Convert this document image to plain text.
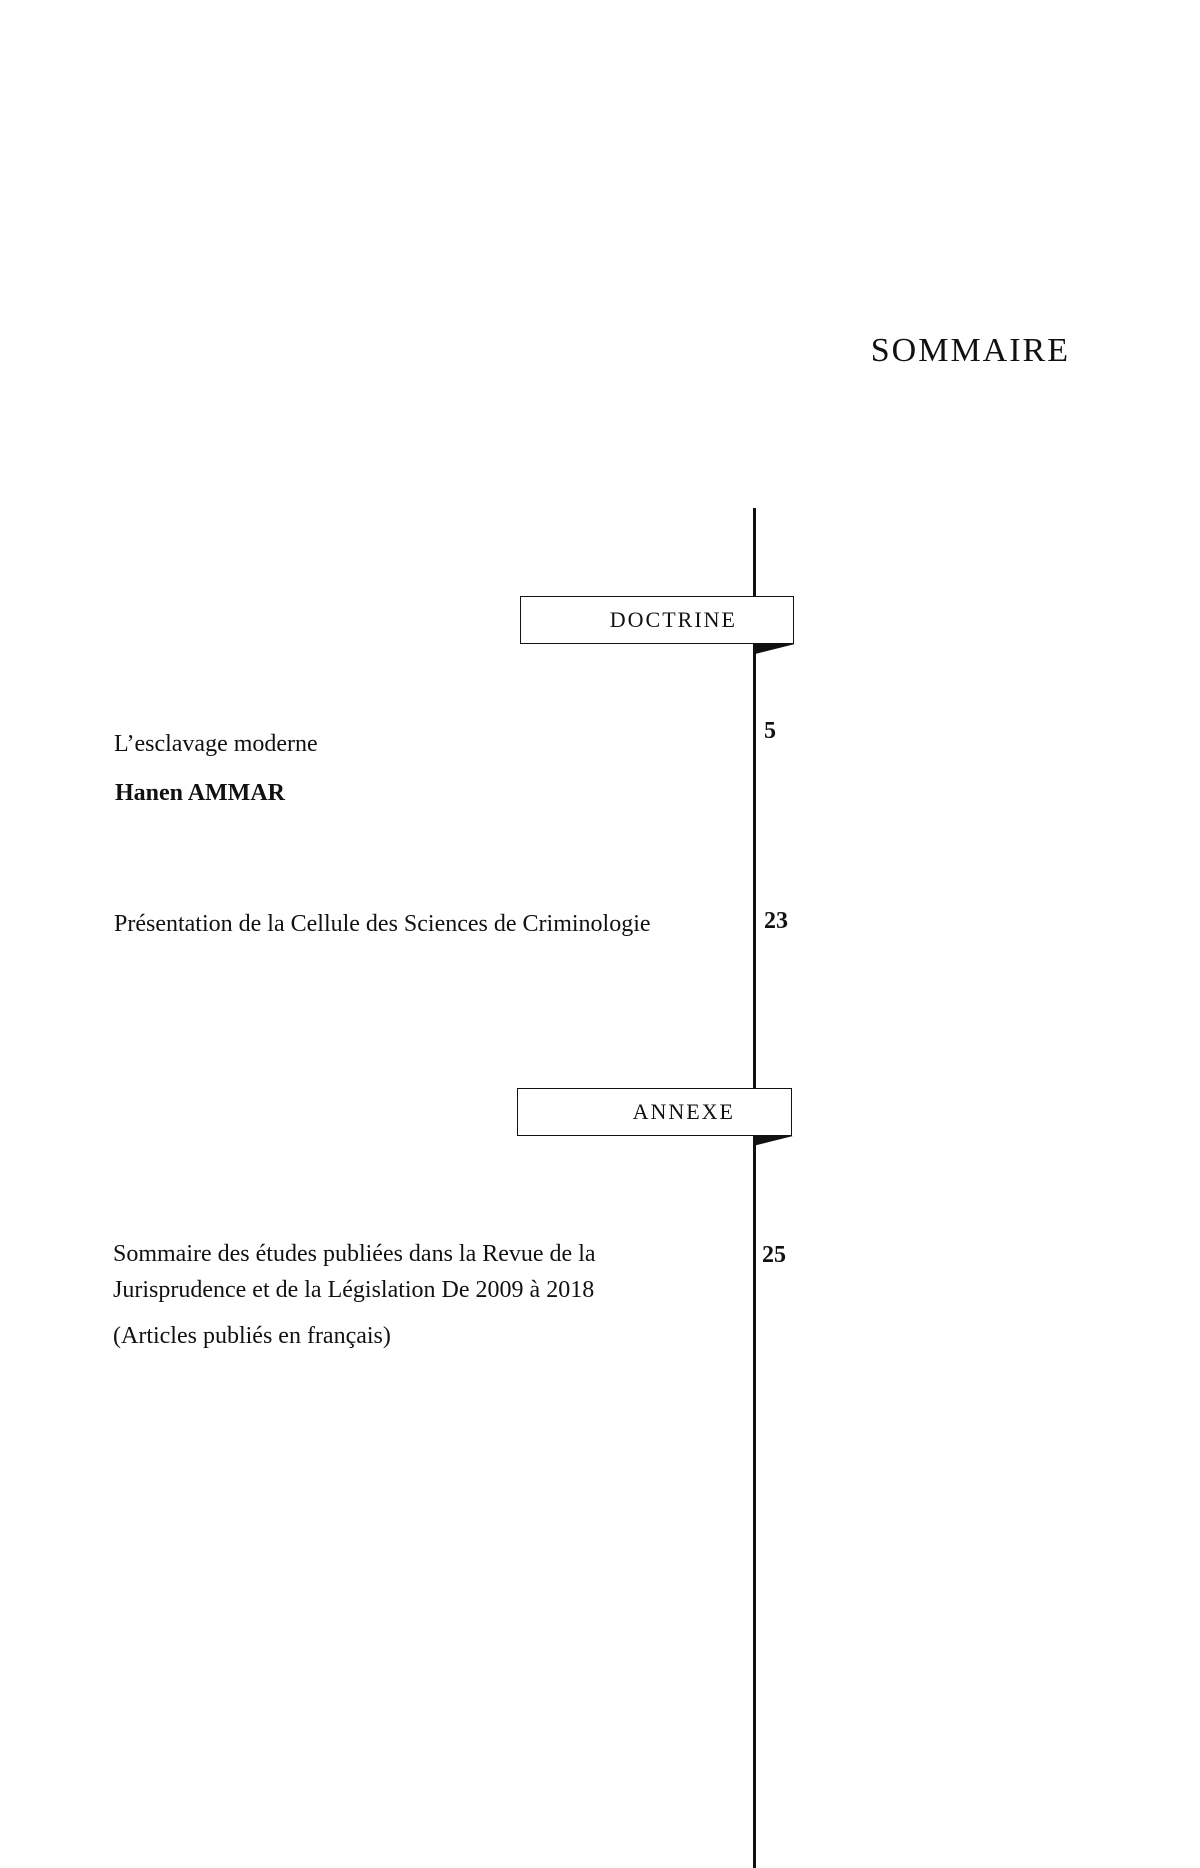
SOMMAIRE
DOCTRINE
L’esclavage moderne
Hanen AMMAR
5
Présentation de la Cellule des Sciences de Criminologie	23
ANNEXE
Sommaire des études publiées dans la Revue de la
Jurisprudence et de la Législation De 2009 à 2018
(Articles publiés en français)
25
